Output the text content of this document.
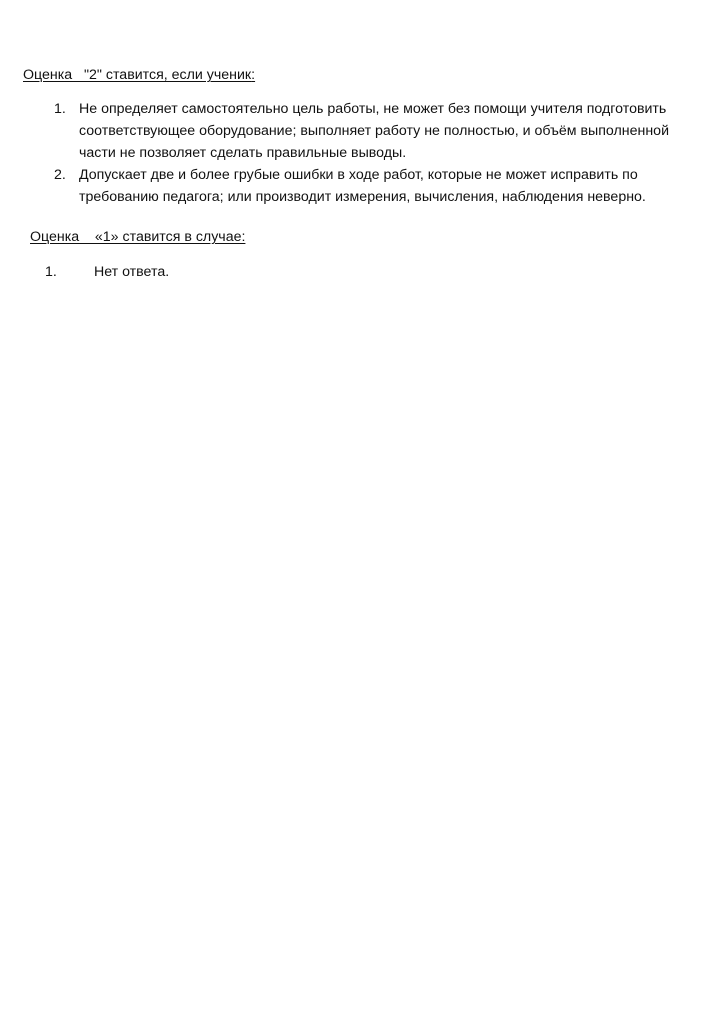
Оценка   "2" ставится, если ученик:
1. Не определяет самостоятельно цель работы, не может без помощи учителя подготовить соответствующее оборудование; выполняет работу не полностью, и объём выполненной части не позволяет сделать правильные выводы.
2. Допускает две и более грубые ошибки в ходе работ, которые не может исправить по требованию педагога; или производит измерения, вычисления, наблюдения неверно.
Оценка    «1» ставится в случае:
1.	Нет ответа.
